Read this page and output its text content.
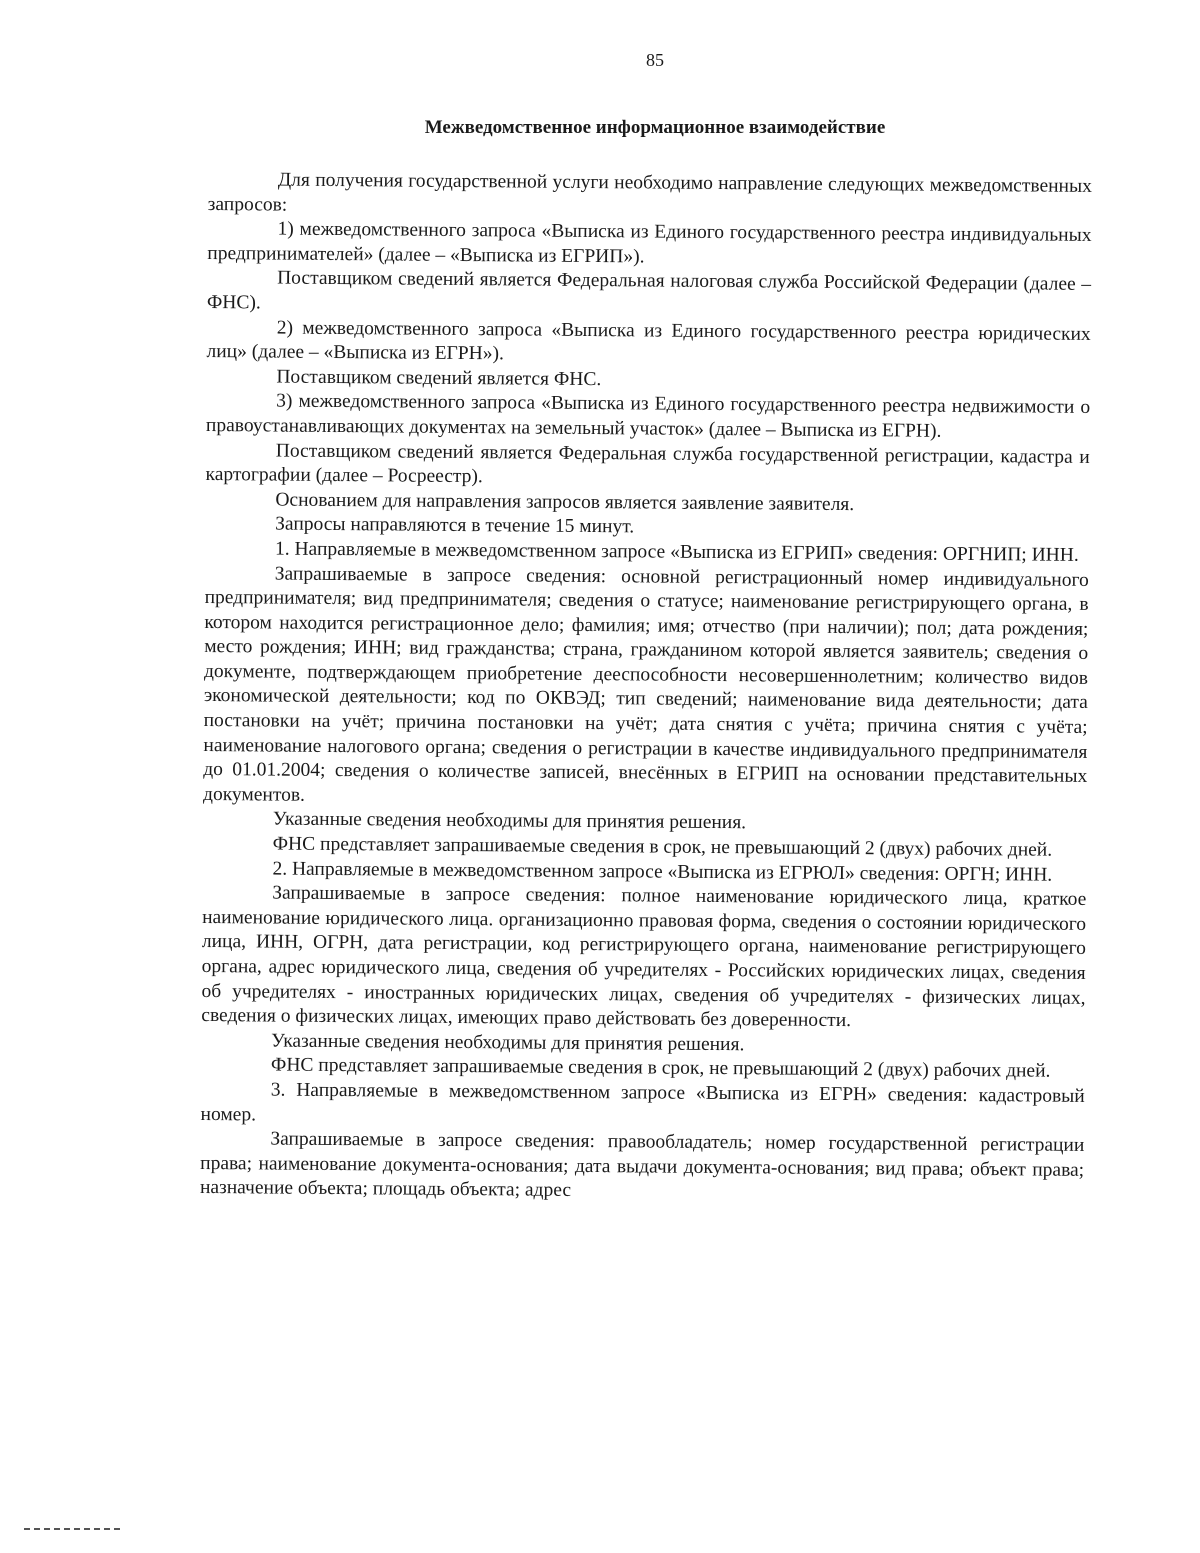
85
Межведомственное информационное взаимодействие

Для получения государственной услуги необходимо направление следующих межведомственных запросов:

1) межведомственного запроса «Выписка из Единого государственного реестра индивидуальных предпринимателей» (далее – «Выписка из ЕГРИП»).

Поставщиком сведений является Федеральная налоговая служба Российской Федерации (далее – ФНС).

2) межведомственного запроса «Выписка из Единого государственного реестра юридических лиц» (далее – «Выписка из ЕГРН»).

Поставщиком сведений является ФНС.

3) межведомственного запроса «Выписка из Единого государственного реестра недвижимости о правоустанавливающих документах на земельный участок» (далее – Выписка из ЕГРН).

Поставщиком сведений является Федеральная служба государственной регистрации, кадастра и картографии (далее – Росреестр).

Основанием для направления запросов является заявление заявителя.

Запросы направляются в течение 15 минут.

1. Направляемые в межведомственном запросе «Выписка из ЕГРИП» сведения: ОРГНИП; ИНН.

Запрашиваемые в запросе сведения: основной регистрационный номер индивидуального предпринимателя; вид предпринимателя; сведения о статусе; наименование регистрирующего органа, в котором находится регистрационное дело; фамилия; имя; отчество (при наличии); пол; дата рождения; место рождения; ИНН; вид гражданства; страна, гражданином которой является заявитель; сведения о документе, подтверждающем приобретение дееспособности несовершеннолетним; количество видов экономической деятельности; код по ОКВЭД; тип сведений; наименование вида деятельности; дата постановки на учёт; причина постановки на учёт; дата снятия с учёта; причина снятия с учёта; наименование налогового органа; сведения о регистрации в качестве индивидуального предпринимателя до 01.01.2004; сведения о количестве записей, внесённых в ЕГРИП на основании представительных документов.

Указанные сведения необходимы для принятия решения.

ФНС представляет запрашиваемые сведения в срок, не превышающий 2 (двух) рабочих дней.

2. Направляемые в межведомственном запросе «Выписка из ЕГРЮЛ» сведения: ОРГН; ИНН.

Запрашиваемые в запросе сведения: полное наименование юридического лица, краткое наименование юридического лица. организационно правовая форма, сведения о состоянии юридического лица, ИНН, ОГРН, дата регистрации, код регистрирующего органа, наименование регистрирующего органа, адрес юридического лица, сведения об учредителях - Российских юридических лицах, сведения об учредителях - иностранных юридических лицах, сведения об учредителях - физических лицах, сведения о физических лицах, имеющих право действовать без доверенности.

Указанные сведения необходимы для принятия решения.

ФНС представляет запрашиваемые сведения в срок, не превышающий 2 (двух) рабочих дней.

3. Направляемые в межведомственном запросе «Выписка из ЕГРН» сведения: кадастровый номер.

Запрашиваемые в запросе сведения: правообладатель; номер государственной регистрации права; наименование документа-основания; дата выдачи документа-основания; вид права; объект права; назначение объекта; площадь объекта; адрес
